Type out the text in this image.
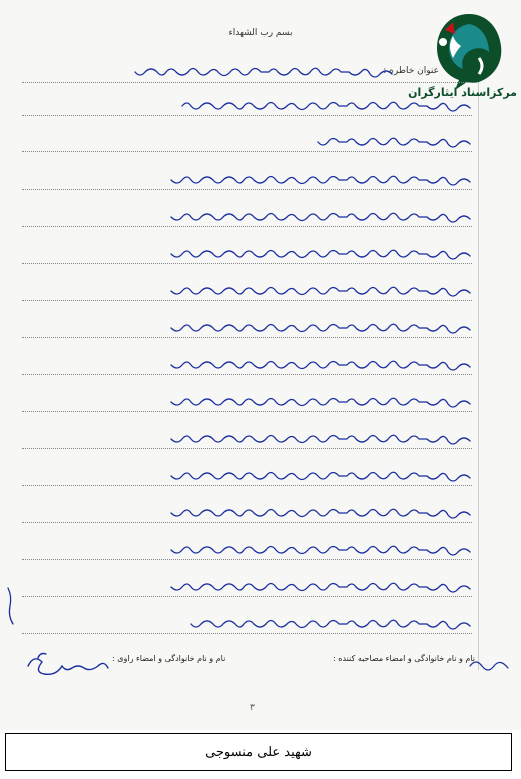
بسم رب الشهداء
مرکزاسناد ایثارگران
عنوان خاطره :
نام و نام خانوادگی و امضاء مصاحبه کننده :
نام و نام خانوادگی و امضاء راوی :
۳
شهید علی منسوجی
